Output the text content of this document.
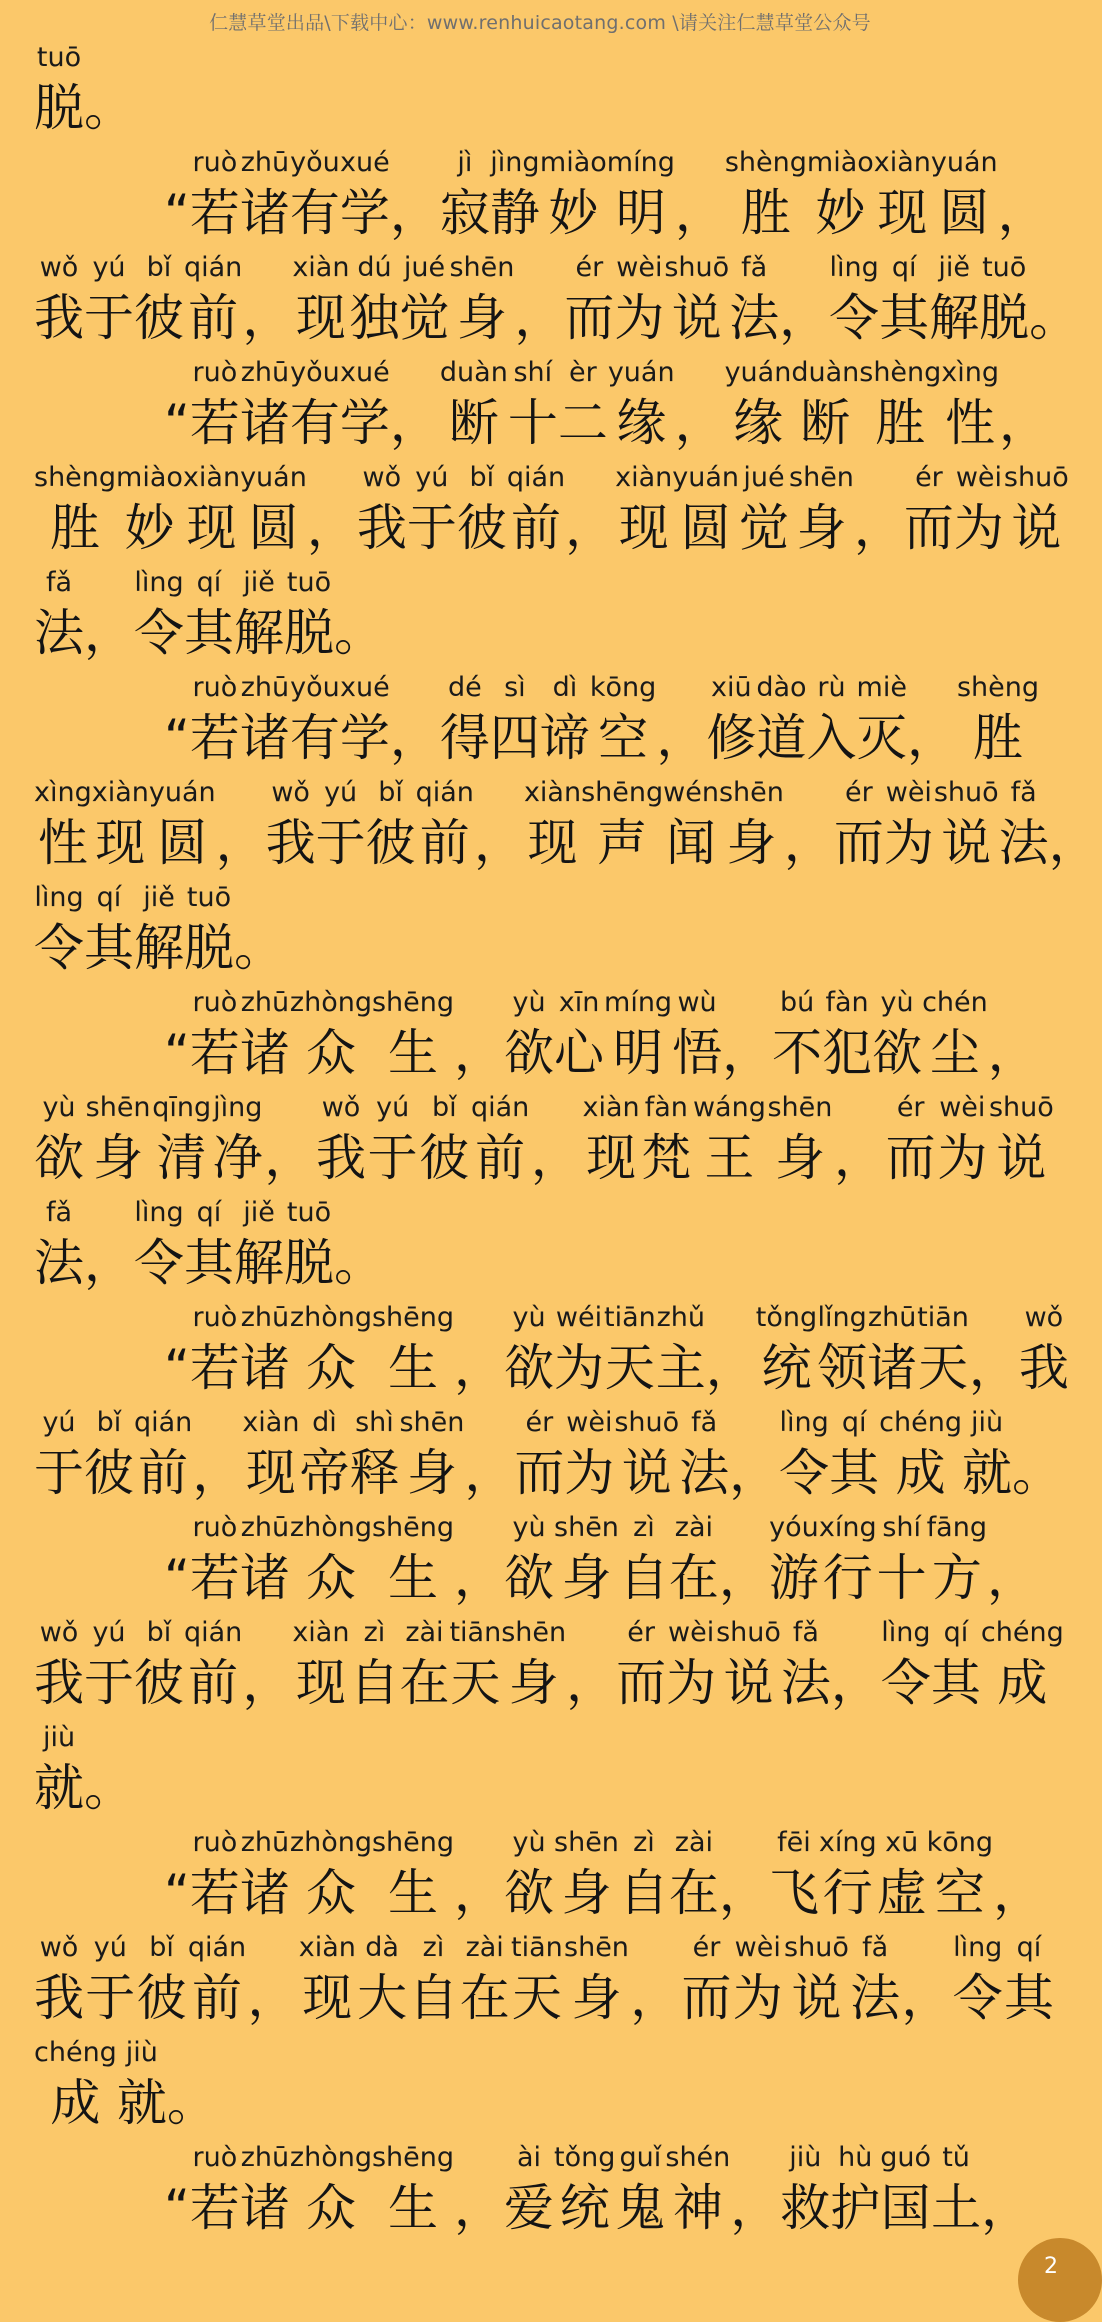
仁慧草堂出品\下载中心：www.renhuicaotang.com \请关注仁慧草堂公众号
tuō
脱 。
“
ruò
若
zhū
诸
yǒu
有
xué
学 ，
jì
寂
jìng
静
miào
妙
míng
明 ，
shèng
胜
miào
妙
xiàn
现
yuán
圆 ，
wǒ
我
yú
于
bǐ
彼
qián
前 ，
xiàn
现
dú
独
jué
觉
shēn
身 ，
ér
而
wèi
为
shuō
说
fǎ
法 ，
lìng
令
qí
其
jiě
解
tuō
脱 。
“
ruò
若
zhū
诸
yǒu
有
xué
学 ，
duàn
断
shí
十
èr
二
yuán
缘 ，
yuán
缘
duàn
断
shèng
胜
xìng
性 ，
shèng
胜
miào
妙
xiàn
现
yuán
圆 ，
wǒ
我
yú
于
bǐ
彼
qián
前 ，
xiàn
现
yuán
圆
jué
觉
shēn
身 ，
ér
而
wèi
为
shuō
说
fǎ
法 ，
lìng
令
qí
其
jiě
解
tuō
脱 。
“
ruò
若
zhū
诸
yǒu
有
xué
学 ，
dé
得
sì
四
dì
谛
kōng
空 ，
xiū
修
dào
道
rù
入
miè
灭 ，
shèng
胜
xìng
性
xiàn
现
yuán
圆 ，
wǒ
我
yú
于
bǐ
彼
qián
前 ，
xiàn
现
shēng
声
wén
闻
shēn
身 ，
ér
而
wèi
为
shuō
说
fǎ
法 ，
lìng
令
qí
其
jiě
解
tuō
脱 。
“
ruò
若
zhū
诸
zhòng
众
shēng
生 ，
yù
欲
xīn
心
míng
明
wù
悟 ，
bú
不
fàn
犯
yù
欲
chén
尘 ，
yù
欲
shēn
身
qīng
清
jìng
净 ，
wǒ
我
yú
于
bǐ
彼
qián
前 ，
xiàn
现
fàn
梵
wáng
王
shēn
身 ，
ér
而
wèi
为
shuō
说
fǎ
法 ，
lìng
令
qí
其
jiě
解
tuō
脱 。
“
ruò
若
zhū
诸
zhòng
众
shēng
生 ，
yù
欲
wéi
为
tiān
天
zhǔ
主 ，
tǒng
统
lǐng
领
zhū
诸
tiān
天 ，
wǒ
我
yú
于
bǐ
彼
qián
前 ，
xiàn
现
dì
帝
shì
释
shēn
身 ，
ér
而
wèi
为
shuō
说
fǎ
法 ，
lìng
令
qí
其
chéng
成
jiù
就 。
“
ruò
若
zhū
诸
zhòng
众
shēng
生 ，
yù
欲
shēn
身
zì
自
zài
在 ，
yóu
游
xíng
行
shí
十
fāng
方 ，
wǒ
我
yú
于
bǐ
彼
qián
前 ，
xiàn
现
zì
自
zài
在
tiān
天
shēn
身 ，
ér
而
wèi
为
shuō
说
fǎ
法 ，
lìng
令
qí
其
chéng
成
jiù
就 。
“
ruò
若
zhū
诸
zhòng
众
shēng
生 ，
yù
欲
shēn
身
zì
自
zài
在 ，
fēi
飞
xíng
行
xū
虚
kōng
空 ，
wǒ
我
yú
于
bǐ
彼
qián
前 ，
xiàn
现
dà
大
zì
自
zài
在
tiān
天
shēn
身 ，
ér
而
wèi
为
shuō
说
fǎ
法 ，
lìng
令
qí
其
chéng
成
jiù
就 。
“
ruò
若
zhū
诸
zhòng
众
shēng
生 ，
ài
爱
tǒng
统
guǐ
鬼
shén
神 ，
jiù
救
hù
护
guó
国
tǔ
土 ，
2
